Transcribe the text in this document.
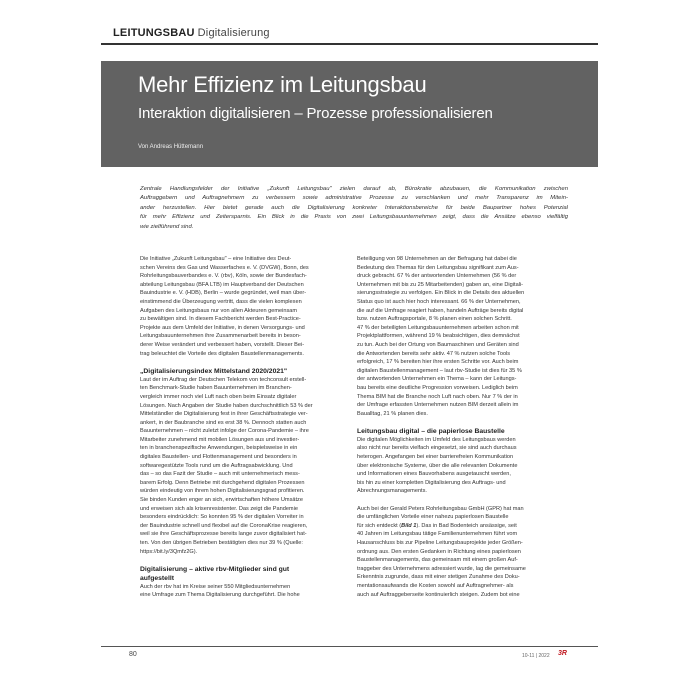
LEITUNGSBAU Digitalisierung
Mehr Effizienz im Leitungsbau
Interaktion digitalisieren – Prozesse professionalisieren
Von Andreas Hüttemann
Zentrale Handlungsfelder der Initiative „Zukunft Leitungsbau" zielen darauf ab, Bürokratie abzubauen, die Kommunikation zwischen
Auftraggebern und Auftragnehmern zu verbessern sowie administrative Prozesse zu verschlanken und mehr Transparenz im Mitein-
ander herzustellen. Hier bietet gerade auch die Digitalisierung konkreter Interaktionsbereiche für beide Baupartner hohes Potenzial
für mehr Effizienz und Zeitersparnis. Ein Blick in die Praxis von zwei Leitungsbauunternehmen zeigt, dass die Ansätze ebenso vielfältig
wie zielführend sind.
Die Initiative „Zukunft Leitungsbau" – eine Initiative des Deut-
schen Vereins des Gas und Wasserfaches e. V. (DVGW), Bonn, des
Rohrleitungsbauverbandes e. V. (rbv), Köln, sowie der Bundesfach-
abteilung Leitungsbau (BFA LTB) im Hauptverband der Deutschen
Bauindustrie e. V. (HDB), Berlin – wurde gegründet, weil man über-
einstimmend die Überzeugung vertritt, dass die vielen komplexen
Aufgaben des Leitungsbaus nur von allen Akteuren gemeinsam
zu bewältigen sind. In diesem Fachbericht werden Best-Practice-
Projekte aus dem Umfeld der Initiative, in denen Versorgungs- und
Leitungsbauunternehmen ihre Zusammenarbeit bereits in beson-
derer Weise verändert und verbessert haben, vorstellt. Dieser Bei-
trag beleuchtet die Vorteile des digitalen Baustellenmanagements.
„Digitalisierungsindex Mittelstand 2020/2021"
Laut der im Auftrag der Deutschen Telekom von techconsult erstell-
ten Benchmark-Studie haben Bauunternehmen im Branchen-
vergleich immer noch viel Luft nach oben beim Einsatz digitaler
Lösungen. Nach Angaben der Studie haben durchschnittlich 53 % der
Mittelständler die Digitalisierung fest in ihrer Geschäftsstrategie ver-
ankert, in der Baubranche sind es erst 38 %. Dennoch statten auch
Bauunternehmen – nicht zuletzt infolge der Corona-Pandemie – ihre
Mitarbeiter zunehmend mit mobilen Lösungen aus und investier-
ten in branchenspezifische Anwendungen, beispielsweise in ein
digitales Baustellen- und Flottenmanagement und besonders in
softwaregestützte Tools rund um die Auftragsabwicklung. Und
das – so das Fazit der Studie – auch mit unternehmerisch mess-
barem Erfolg. Denn Betriebe mit durchgehend digitalen Prozessen
würden eindeutig von ihrem hohen Digitalisierungsgrad profitieren.
Sie binden Kunden enger an sich, erwirtschaften höhere Umsätze
und erweisen sich als krisenresistenter. Das zeigt die Pandemie
besonders eindrücklich: So konnten 95 % der digitalen Vorreiter in
der Bauindustrie schnell und flexibel auf die CoronaKrise reagieren,
weil sie ihre Geschäftsprozesse bereits lange zuvor digitalisiert hat-
ten. Von den übrigen Betrieben bestätigten dies nur 39 % (Quelle:
https://bit.ly/3Qmfz2G).
Digitalisierung – aktive rbv-Mitglieder sind gut
aufgestellt
Auch der rbv hat im Kreise seiner 550 Mitgliedsunternehmen
eine Umfrage zum Thema Digitalisierung durchgeführt. Die hohe
Beteiligung von 98 Unternehmen an der Befragung hat dabei die
Bedeutung des Themas für den Leitungsbau signifikant zum Aus-
druck gebracht. 67 % der antwortenden Unternehmen (56 % der
Unternehmen mit bis zu 25 Mitarbeitenden) gaben an, eine Digitali-
sierungsstrategie zu verfolgen. Ein Blick in die Details des aktuellen
Status quo ist auch hier hoch interessant. 66 % der Unternehmen,
die auf die Umfrage reagiert haben, handeln Aufträge bereits digital
bzw. nutzen Auftragsportale, 8 % planen einen solchen Schritt.
47 % der beteiligten Leitungsbauunternehmen arbeiten schon mit
Projektplattformen, während 19 % beabsichtigen, dies demnächst
zu tun. Auch bei der Ortung von Baumaschinen und Geräten sind
die Antwortenden bereits sehr aktiv. 47 % nutzen solche Tools
erfolgreich, 17 % bereiten hier ihre ersten Schritte vor. Auch beim
digitalen Baustellenmanagement – laut rbv-Studie ist dies für 35 %
der antwortenden Unternehmen ein Thema – kann der Leitungs-
bau bereits eine deutliche Progression vorweisen. Lediglich beim
Thema BIM hat die Branche noch Luft nach oben. Nur 7 % der in
der Umfrage erfassten Unternehmen nutzen BIM derzeit allein im
Baualltag, 21 % planen dies.
Leitungsbau digital – die papierlose Baustelle
Die digitalen Möglichkeiten im Umfeld des Leitungsbaus werden
also nicht nur bereits vielfach eingesetzt, sie sind auch durchaus
heterogen. Angefangen bei einer barrierefreien Kommunikation
über elektronische Systeme, über die alle relevanten Dokumente
und Informationen eines Bauvorhabens ausgetauscht werden,
bis hin zu einer kompletten Digitalisierung des Auftrags- und
Abrechnungsmanagements.
Auch bei der Gerald Peters Rohrleitungsbau GmbH (GPR) hat man
die umfänglichen Vorteile einer nahezu papierlosen Baustelle
für sich entdeckt (Bild 1). Das in Bad Bodenteich ansässige, seit
40 Jahren im Leitungsbau tätige Familienunternehmen führt vom
Hausanschluss bis zur Pipeline Leitungsbauprojekte jeder Größen-
ordnung aus. Den ersten Gedanken in Richtung eines papierlosen
Baustellenmanagements, das gemeinsam mit einem großen Auf-
traggeber des Unternehmens adressiert wurde, lag die gemeinsame
Erkenntnis zugrunde, dass mit einer stetigen Zunahme des Doku-
mentationsaufwands die Kosten sowohl auf Auftragnehmer- als
auch auf Auftraggeberseite kontinuierlich steigen. Zudem bot eine
80	10-11 | 2022 3R
